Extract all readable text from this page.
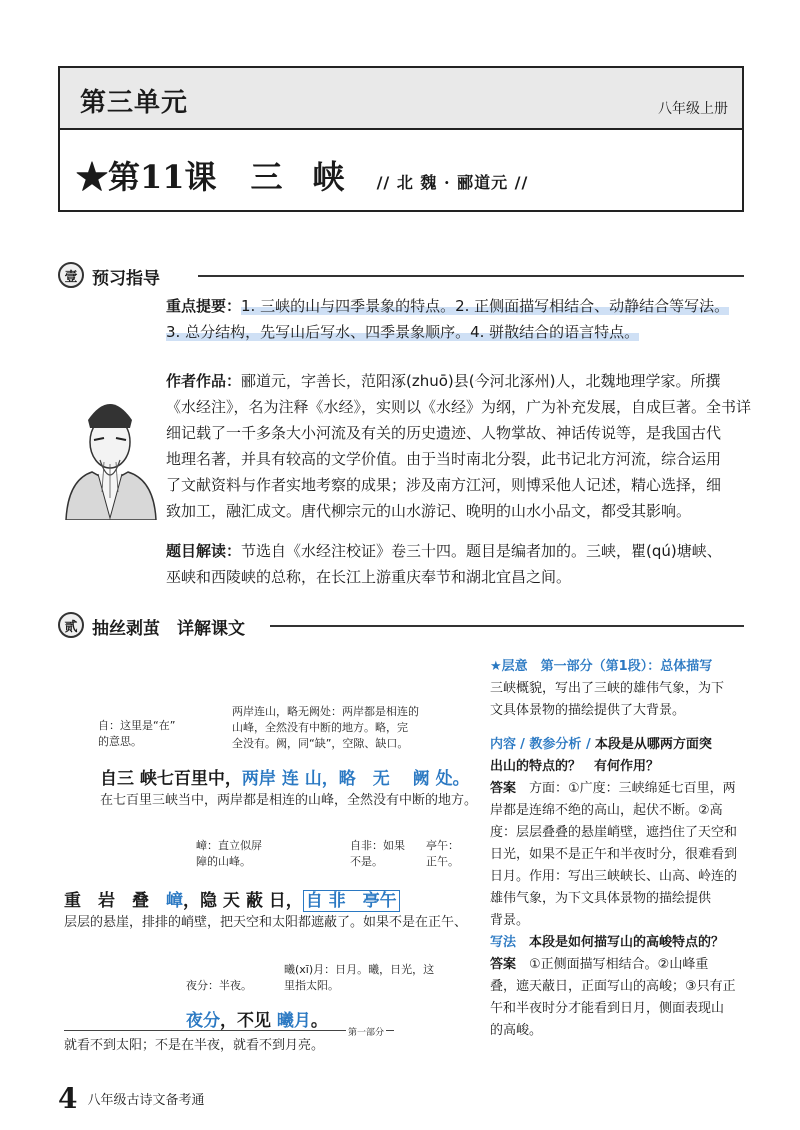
第三单元	八年级上册
★第11课 三峡 // 北 魏 · 郦道元 //
壹 预习指导
重点提要：1. 三峡的山与四季景象的特点。2. 正侧面描写相结合、动静结合等写法。
3. 总分结构，先写山后写水、四季景象顺序。4. 骈散结合的语言特点。
作者作品：郦道元，字善长，范阳涿(zhuō)县(今河北涿州)人，北魏地理学家。所撰
《水经注》，名为注释《水经》，实则以《水经》为纲，广为补充发展，自成巨著。全书详
细记载了一千多条大小河流及有关的历史遗迹、人物掌故、神话传说等，是我国古代
地理名著，并具有较高的文学价值。由于当时南北分裂，此书记北方河流，综合运用
了文献资料与作者实地考察的成果；涉及南方江河，则博采他人记述，精心选择，细
致加工，融汇成文。唐代柳宗元的山水游记、晚明的山水小品文，都受其影响。
题目解读：节选自《水经注校证》卷三十四。题目是编者加的。三峡，瞿(qú)塘峡、
巫峡和西陵峡的总称，在长江上游重庆奉节和湖北宜昌之间。
贰 抽丝剥茧　详解课文
自：这里是“在”
的意思。
两岸连山，略无阙处：两岸都是相连的
山峰，全然没有中断的地方。略，完
全没有。阙，同“缺”，空隙、缺口。
自三 峡七百里中，两岸 连 山，略　无　 阙 处。
在七百里三峡当中，两岸都是相连的山峰，全然没有中断的地方。
嶂：直立似屏
障的山峰。
自非：如果
不是。
亭午：
正午。
重　岩　叠　嶂，隐 天 蔽 日， 自 非　亭午
层层的悬崖，排排的峭壁，把天空和太阳都遮蔽了。如果不是在正午、
曦(xī)月：日月。曦，日光，这
里指太阳。
夜分：半夜。
夜分，不见 曦月。
第一部分
就看不到太阳；不是在半夜，就看不到月亮。
★层意　 第一部分（第1段）：总体描写
三峡概貌，写出了三峡的雄伟气象，为下
文具体景物的描绘提供了大背景。
内容 / 教参分析 / 本段是从哪两方面突
出山的特点的？　有何作用？
答案　 方面：①广度：三峡绵延七百里，两
岸都是连绵不绝的高山，起伏不断。②高
度：层层叠叠的悬崖峭壁，遮挡住了天空和
日光，如果不是正午和半夜时分，很难看到
日月。作用：写出三峡峡长、山高、岭连的
雄伟气象，为下文具体景物的描绘提供
背景。
写法　 本段是如何描写山的高峻特点的？
答案　 ①正侧面描写相结合。②山峰重
叠，遮天蔽日，正面写山的高峻；③只有正
午和半夜时分才能看到日月，侧面表现山
的高峻。
4 八年级古诗文备考通
